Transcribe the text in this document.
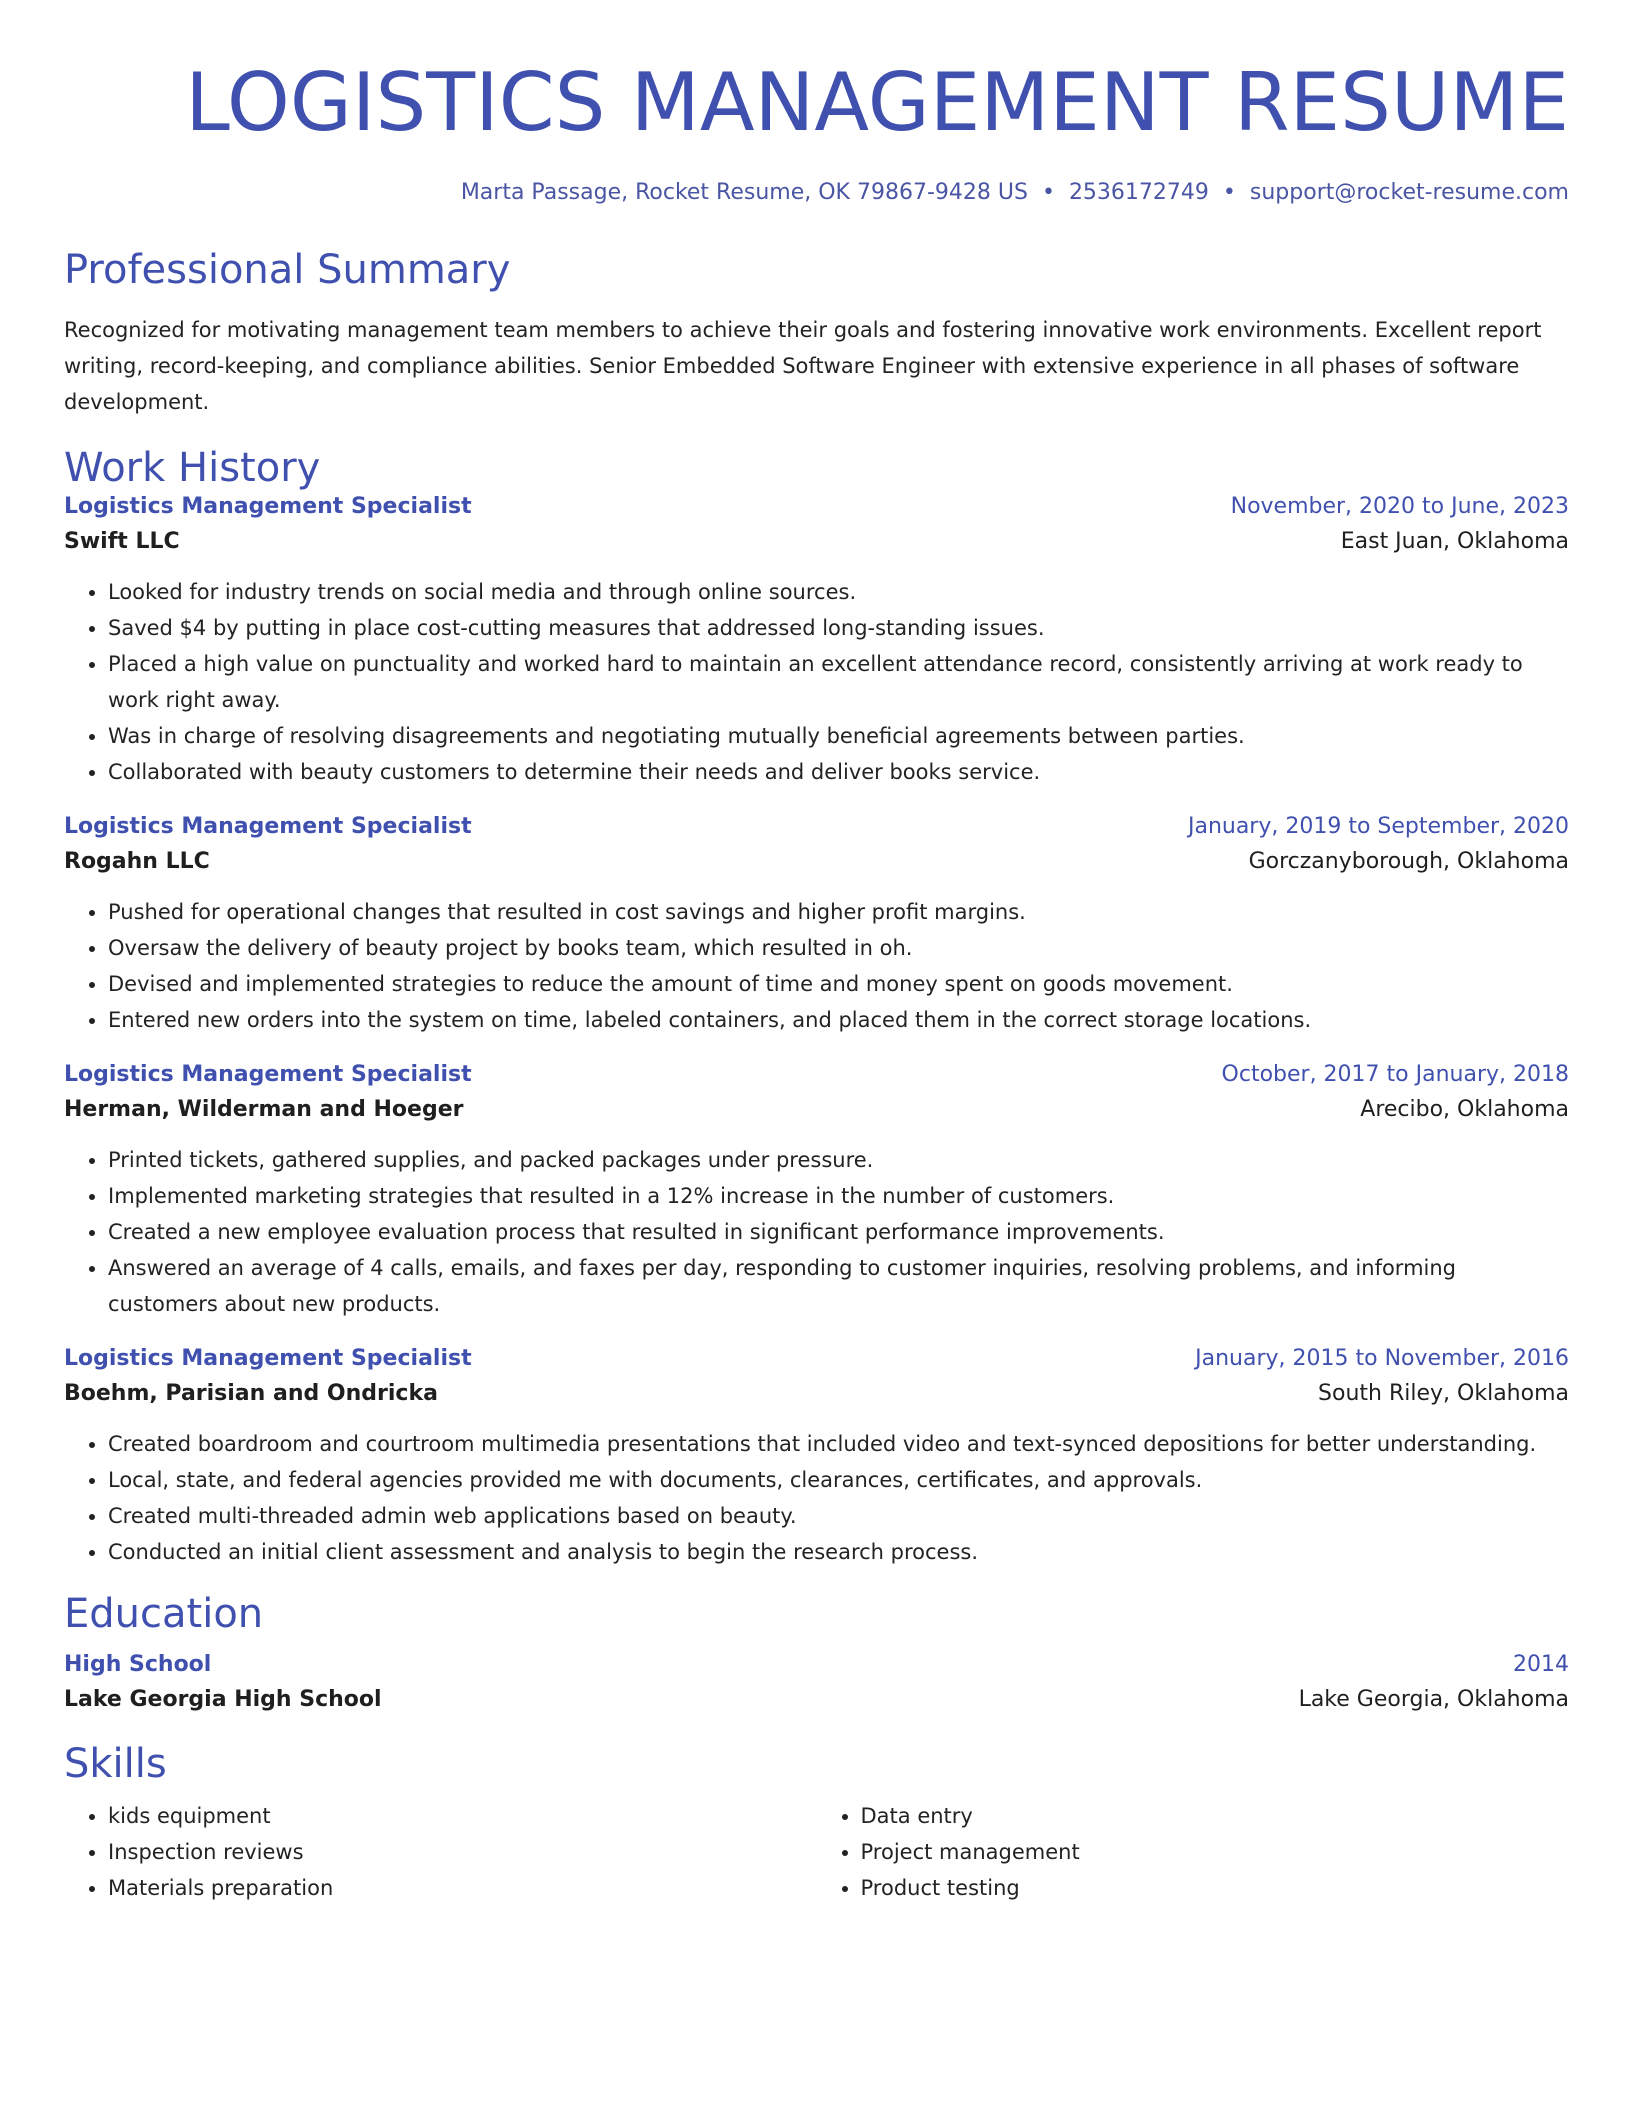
LOGISTICS MANAGEMENT RESUME
Marta Passage, Rocket Resume, OK 79867-9428 US • 2536172749 • support@rocket-resume.com
Professional Summary
Recognized for motivating management team members to achieve their goals and fostering innovative work environments. Excellent report writing, record-keeping, and compliance abilities. Senior Embedded Software Engineer with extensive experience in all phases of software development.
Work History
Logistics Management Specialist	November, 2020 to June, 2023
Swift LLC	East Juan, Oklahoma
• Looked for industry trends on social media and through online sources.
• Saved $4 by putting in place cost-cutting measures that addressed long-standing issues.
• Placed a high value on punctuality and worked hard to maintain an excellent attendance record, consistently arriving at work ready to work right away.
• Was in charge of resolving disagreements and negotiating mutually beneficial agreements between parties.
• Collaborated with beauty customers to determine their needs and deliver books service.
Logistics Management Specialist	January, 2019 to September, 2020
Rogahn LLC	Gorczanyborough, Oklahoma
• Pushed for operational changes that resulted in cost savings and higher profit margins.
• Oversaw the delivery of beauty project by books team, which resulted in oh.
• Devised and implemented strategies to reduce the amount of time and money spent on goods movement.
• Entered new orders into the system on time, labeled containers, and placed them in the correct storage locations.
Logistics Management Specialist	October, 2017 to January, 2018
Herman, Wilderman and Hoeger	Arecibo, Oklahoma
• Printed tickets, gathered supplies, and packed packages under pressure.
• Implemented marketing strategies that resulted in a 12% increase in the number of customers.
• Created a new employee evaluation process that resulted in significant performance improvements.
• Answered an average of 4 calls, emails, and faxes per day, responding to customer inquiries, resolving problems, and informing customers about new products.
Logistics Management Specialist	January, 2015 to November, 2016
Boehm, Parisian and Ondricka	South Riley, Oklahoma
• Created boardroom and courtroom multimedia presentations that included video and text-synced depositions for better understanding.
• Local, state, and federal agencies provided me with documents, clearances, certificates, and approvals.
• Created multi-threaded admin web applications based on beauty.
• Conducted an initial client assessment and analysis to begin the research process.
Education
High School	2014
Lake Georgia High School	Lake Georgia, Oklahoma
Skills
• kids equipment
• Inspection reviews
• Materials preparation
• Data entry
• Project management
• Product testing
